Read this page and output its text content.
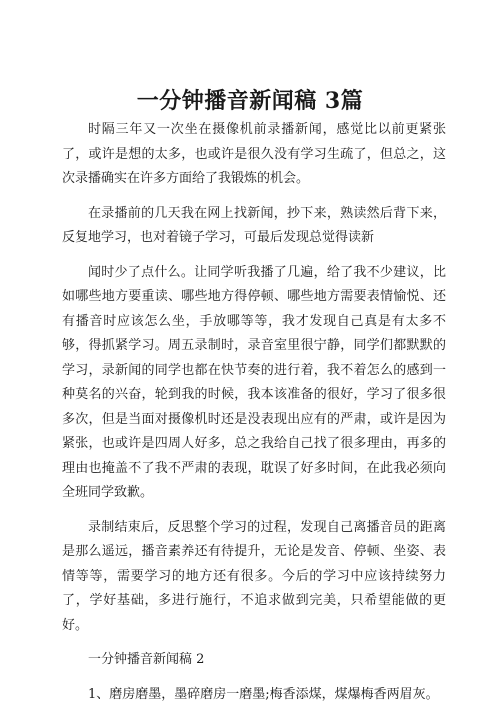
一分钟播音新闻稿 3篇

时隔三年又一次坐在摄像机前录播新闻，感觉比以前更紧张了，或许是想的太多，也或许是很久没有学习生疏了，但总之，这次录播确实在许多方面给了我锻炼的机会。

在录播前的几天我在网上找新闻，抄下来，熟读然后背下来，反复地学习，也对着镜子学习，可最后发现总觉得读新

闻时少了点什么。让同学听我播了几遍，给了我不少建议，比如哪些地方要重读、哪些地方得停顿、哪些地方需要表情愉悦、还有播音时应该怎么坐，手放哪等等，我才发现自己真是有太多不够，得抓紧学习。周五录制时，录音室里很宁静，同学们都默默的学习，录新闻的同学也都在快节奏的进行着，我不着怎么的感到一种莫名的兴奋，轮到我的时候，我本该准备的很好，学习了很多很多次，但是当面对摄像机时还是没表现出应有的严肃，或许是因为紧张，也或许是四周人好多，总之我给自己找了很多理由，再多的理由也掩盖不了我不严肃的表现，耽误了好多时间，在此我必须向全班同学致歉。

录制结束后，反思整个学习的过程，发现自己离播音员的距离是那么遥远，播音素养还有待提升，无论是发音、停顿、坐姿、表情等等，需要学习的地方还有很多。今后的学习中应该持续努力了，学好基础，多进行施行，不追求做到完美，只希望能做的更好。

一分钟播音新闻稿 2

1、磨房磨墨，墨碎磨房一磨墨;梅香添煤，煤爆梅香两眉灰。
